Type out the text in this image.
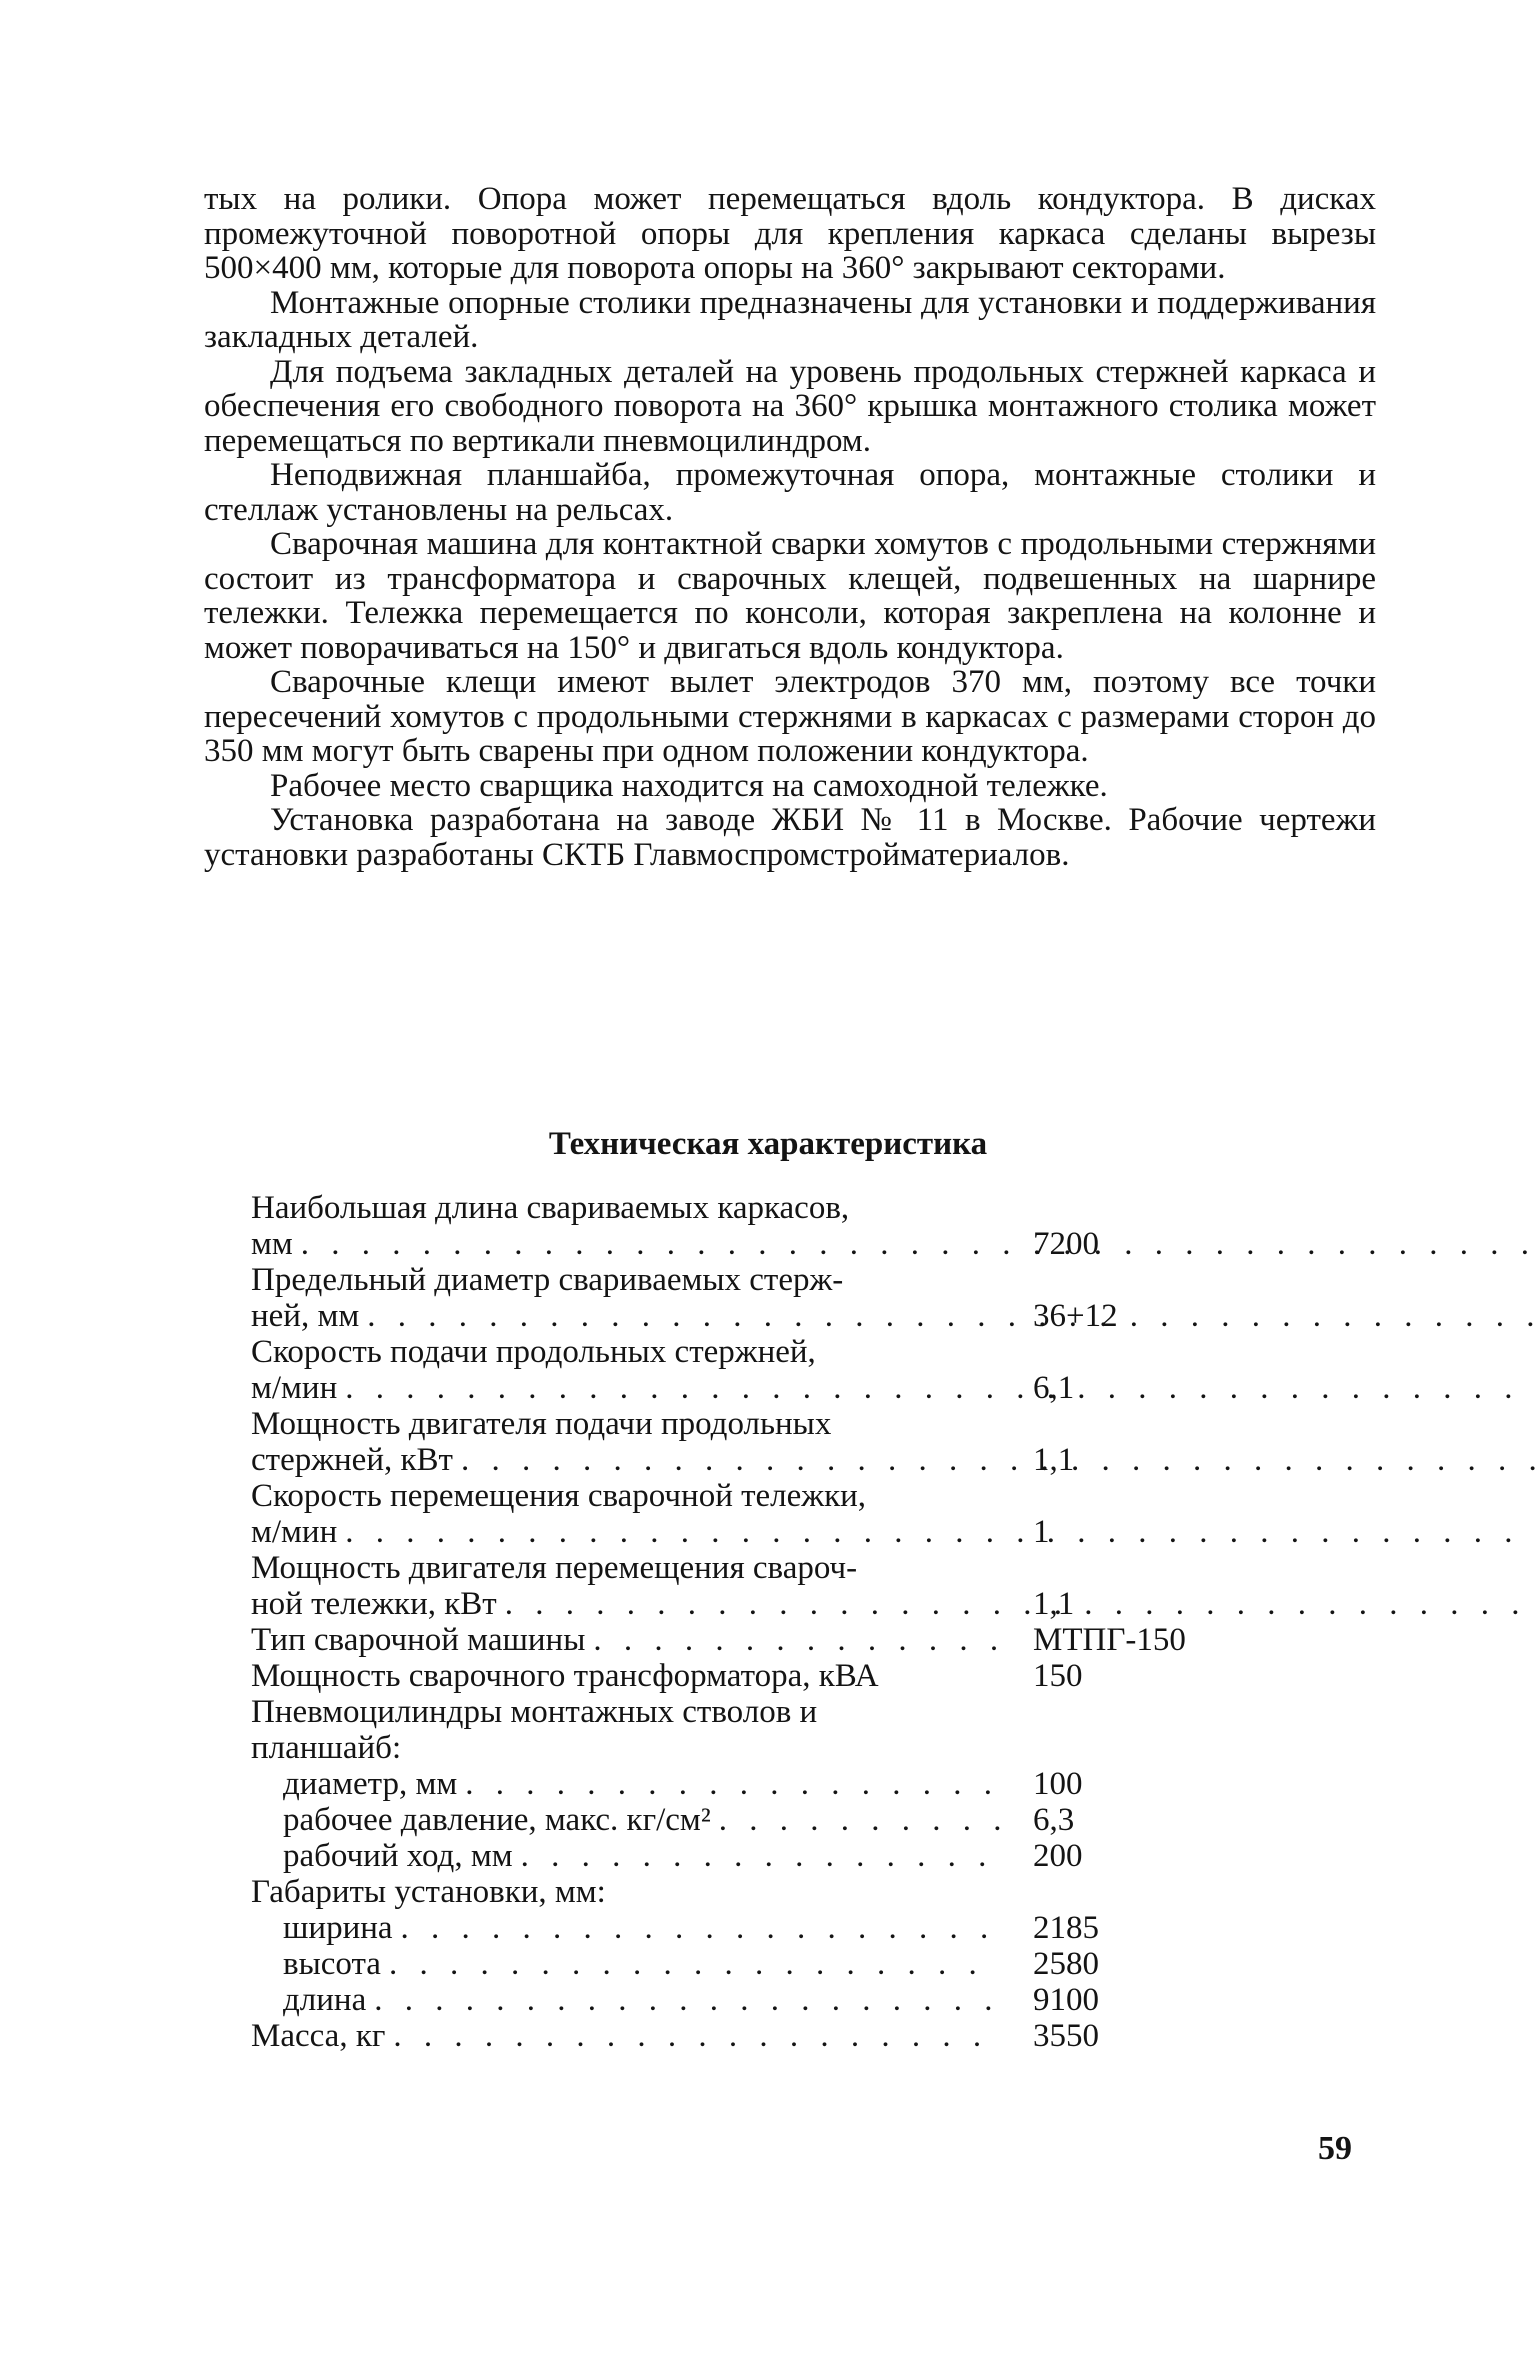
тых на ролики. Опора может перемещаться вдоль кондуктора. В дисках промежуточной поворотной опоры для крепления каркаса сделаны вырезы 500×400 мм, которые для поворота опоры на 360° закрывают секторами.

Монтажные опорные столики предназначены для установки и поддерживания закладных деталей.

Для подъема закладных деталей на уровень продольных стержней каркаса и обеспечения его свободного поворота на 360° крышка монтажного столика может перемещаться по вертикали пневмоцилиндром.

Неподвижная планшайба, промежуточная опора, монтажные столики и стеллаж установлены на рельсах.

Сварочная машина для контактной сварки хомутов с продольными стержнями состоит из трансформатора и сварочных клещей, подвешенных на шарнире тележки. Тележка перемещается по консоли, которая закреплена на колонне и может поворачиваться на 150° и двигаться вдоль кондуктора.

Сварочные клещи имеют вылет электродов 370 мм, поэтому все точки пересечений хомутов с продольными стержнями в каркасах с размерами сторон до 350 мм могут быть сварены при одном положении кондуктора.

Рабочее место сварщика находится на самоходной тележке.

Установка разработана на заводе ЖБИ № 11 в Москве. Рабочие чертежи установки разработаны СКТБ Главмоспромстройматериалов.

Техническая характеристика
Наибольшая длина свариваемых каркасов,
мм . . .	7200
Предельный диаметр свариваемых стерж-
ней, мм . . .	36+12
Скорость подачи продольных стержней,
м/мин . . .	6,1
Мощность двигателя подачи продольных
стержней, кВт . . .	1,1
Скорость перемещения сварочной тележки,
м/мин . . .	1
Мощность двигателя перемещения свароч-
ной тележки, кВт . . .	1,1
Тип сварочной машины . . .	МТПГ-150
Мощность сварочного трансформатора, кВА	150
Пневмоцилиндры монтажных стволов и
планшайб:
диаметр, мм . . .	100
рабочее давление, макс. кг/см² . . .	6,3
рабочий ход, мм . . .	200
Габариты установки, мм:
ширина . . .	2185
высота . . .	2580
длина . . .	9100
Масса, кг . . .	3550
59
